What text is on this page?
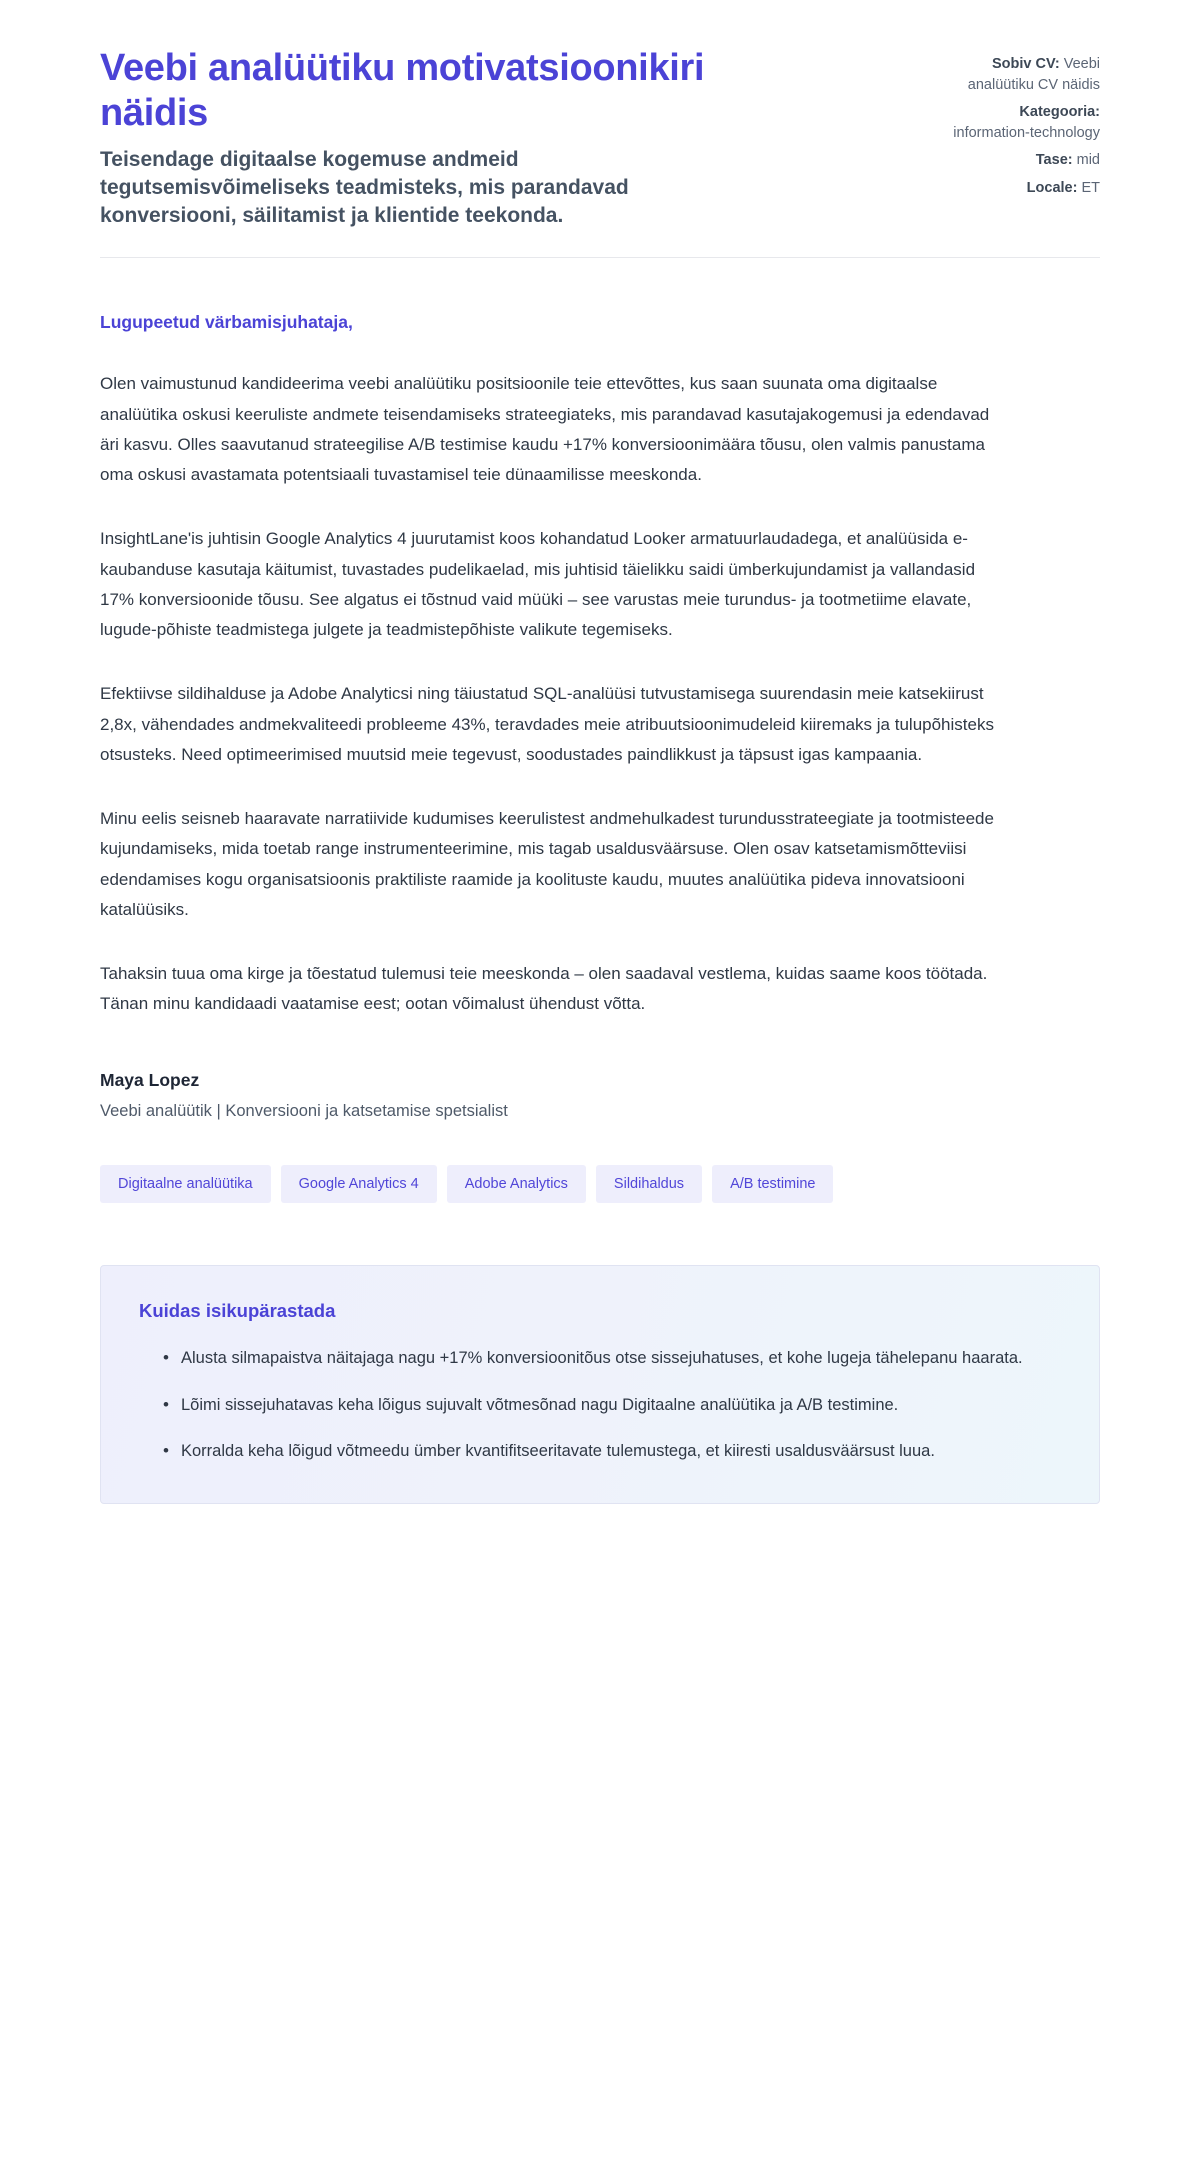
Veebi analüütiku motivatsioonikiri näidis

Teisendage digitaalse kogemuse andmeid tegutsemisvõimeliseks teadmisteks, mis parandavad konversiooni, säilitamist ja klientide teekonda.

Sobiv CV: Veebi analüütiku CV näidis
Kategooria: information-technology
Tase: mid
Locale: ET

Lugupeetud värbamisjuhataja,

Olen vaimustunud kandideerima veebi analüütiku positsioonile teie ettevõttes, kus saan suunata oma digitaalse analüütika oskusi keeruliste andmete teisendamiseks strateegiateks, mis parandavad kasutajakogemusi ja edendavad äri kasvu. Olles saavutanud strateegilise A/B testimise kaudu +17% konversioonimäära tõusu, olen valmis panustama oma oskusi avastamata potentsiaali tuvastamisel teie dünaamilisse meeskonda.

InsightLane'is juhtisin Google Analytics 4 juurutamist koos kohandatud Looker armatuurlaudadega, et analüüsida e-kaubanduse kasutaja käitumist, tuvastades pudelikaelad, mis juhtisid täielikku saidi ümberkujundamist ja vallandasid 17% konversioonide tõusu. See algatus ei tõstnud vaid müüki – see varustas meie turundus- ja tootmetiime elavate, lugude-põhiste teadmistega julgete ja teadmistepõhiste valikute tegemiseks.

Efektiivse sildihalduse ja Adobe Analyticsi ning täiustatud SQL-analüüsi tutvustamisega suurendasin meie katsekiirust 2,8x, vähendades andmekvaliteedi probleeme 43%, teravdades meie atribuutsioonimudeleid kiiremaks ja tulupõhisteks otsusteks. Need optimeerimised muutsid meie tegevust, soodustades paindlikkust ja täpsust igas kampaania.

Minu eelis seisneb haaravate narratiivide kudumises keerulistest andmehulkadest turundusstrateegiate ja tootmisteede kujundamiseks, mida toetab range instrumenteerimine, mis tagab usaldusväärsuse. Olen osav katsetamismõtteviisi edendamises kogu organisatsioonis praktiliste raamide ja koolituste kaudu, muutes analüütika pideva innovatsiooni katalüüsiks.

Tahaksin tuua oma kirge ja tõestatud tulemusi teie meeskonda – olen saadaval vestlema, kuidas saame koos töötada. Tänan minu kandidaadi vaatamise eest; ootan võimalust ühendust võtta.

Maya Lopez

Veebi analüütik | Konversiooni ja katsetamise spetsialist

Digitaalne analüütika	Google Analytics 4	Adobe Analytics	Sildihaldus	A/B testimine
Kuidas isikupärastada
• Alusta silmapaistva näitajaga nagu +17% konversioonitõus otse sissejuhatuses, et kohe lugeja tähelepanu haarata.
• Lõimi sissejuhatavas keha lõigus sujuvalt võtmesõnad nagu Digitaalne analüütika ja A/B testimine.
• Korralda keha lõigud võtmeedu ümber kvantifitseeritavate tulemustega, et kiiresti usaldusväärsust luua.
